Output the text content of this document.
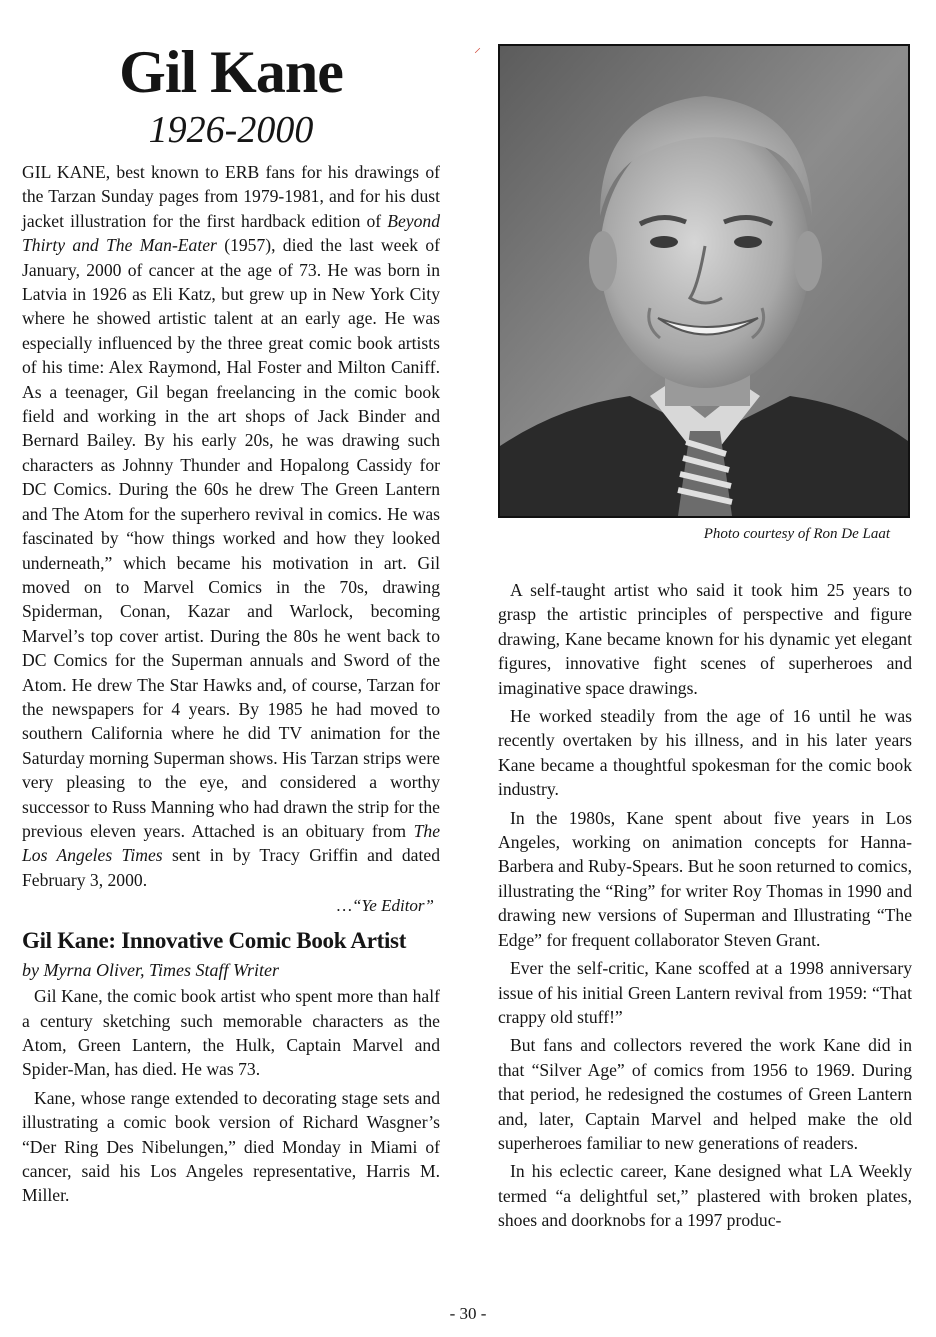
⸝
Gil Kane
1926-2000

GIL KANE, best known to ERB fans for his drawings of the Tarzan Sunday pages from 1979-1981, and for his dust jacket illustration for the first hardback edition of Beyond Thirty and The Man-Eater (1957), died the last week of January, 2000 of cancer at the age of 73. He was born in Latvia in 1926 as Eli Katz, but grew up in New York City where he showed artistic talent at an early age. He was especially influenced by the three great comic book artists of his time: Alex Raymond, Hal Foster and Milton Caniff. As a teenager, Gil began freelancing in the comic book field and working in the art shops of Jack Binder and Bernard Bailey. By his early 20s, he was drawing such characters as Johnny Thunder and Hopalong Cassidy for DC Comics. During the 60s he drew The Green Lantern and The Atom for the superhero revival in comics. He was fascinated by “how things worked and how they looked underneath,” which became his motivation in art. Gil moved on to Marvel Comics in the 70s, drawing Spiderman, Conan, Kazar and Warlock, becoming Marvel’s top cover artist. During the 80s he went back to DC Comics for the Superman annuals and Sword of the Atom. He drew The Star Hawks and, of course, Tarzan for the newspapers for 4 years. By 1985 he had moved to southern California where he did TV animation for the Saturday morning Superman shows. His Tarzan strips were very pleasing to the eye, and considered a worthy successor to Russ Manning who had drawn the strip for the previous eleven years. Attached is an obituary from The Los Angeles Times sent in by Tracy Griffin and dated February 3, 2000.

…“Ye Editor”
Gil Kane: Innovative Comic Book Artist
by Myrna Oliver, Times Staff Writer

Gil Kane, the comic book artist who spent more than half a century sketching such memorable characters as the Atom, Green Lantern, the Hulk, Captain Marvel and Spider-Man, has died. He was 73.

Kane, whose range extended to decorating stage sets and illustrating a comic book version of Richard Wasgner’s “Der Ring Des Nibelungen,” died Monday in Miami of cancer, said his Los Angeles representative, Harris M. Miller.

Photo courtesy of Ron De Laat

A self-taught artist who said it took him 25 years to grasp the artistic principles of perspective and figure drawing, Kane became known for his dynamic yet elegant figures, innovative fight scenes of superheroes and imaginative space drawings.

He worked steadily from the age of 16 until he was recently overtaken by his illness, and in his later years Kane became a thoughtful spokesman for the comic book industry.

In the 1980s, Kane spent about five years in Los Angeles, working on animation concepts for Hanna-Barbera and Ruby-Spears. But he soon returned to comics, illustrating the “Ring” for writer Roy Thomas in 1990 and drawing new versions of Superman and Illustrating “The Edge” for frequent collaborator Steven Grant.

Ever the self-critic, Kane scoffed at a 1998 anniversary issue of his initial Green Lantern revival from 1959: “That crappy old stuff!”

But fans and collectors revered the work Kane did in that “Silver Age” of comics from 1956 to 1969. During that period, he redesigned the costumes of Green Lantern and, later, Captain Marvel and helped make the old superheroes familiar to new generations of readers.

In his eclectic career, Kane designed what LA Weekly termed “a delightful set,” plastered with broken plates, shoes and doorknobs for a 1997 produc-

- 30 -
